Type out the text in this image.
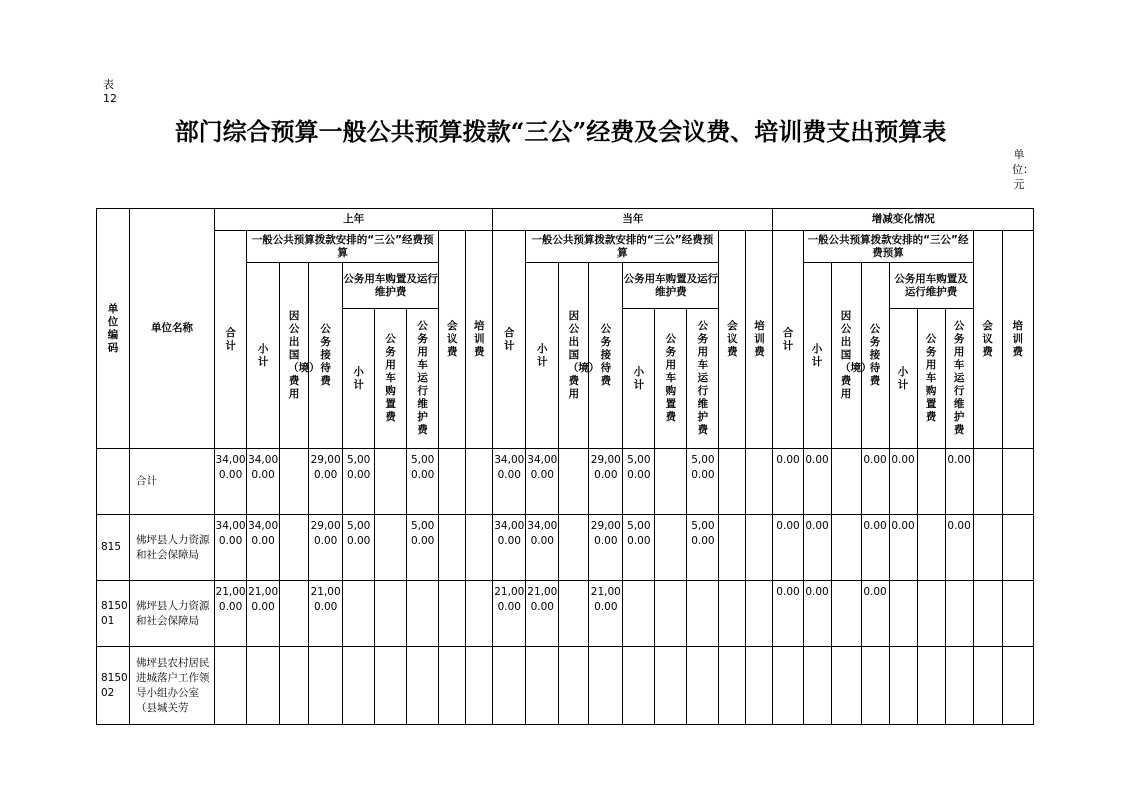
表12
部门综合预算一般公共预算拨款“三公”经费及会议费、培训费支出预算表
单位：元
单位编码	单位名称	上年									当年									增减变化情况								
		合计	一般公共预算拨款安排的“三公”经费预算						会议费	培训费	合计	一般公共预算拨款安排的“三公”经费预算						会议费	培训费	合计	一般公共预算拨款安排的“三公”经费预算						会议费	培训费
			小计	因公出国（境）费用	公务接待费	公务用车购置及运行维护费						小计	因公出国（境）费用	公务接待费	公务用车购置及运行维护费						小计	因公出国（境）费用	公务接待费	公务用车购置及运行维护费				
						小计	公务用车购置费	公务用车运行维护费							小计	公务用车购置费	公务用车运行维护费							小计	公务用车购置费	公务用车运行维护费		
	合计	34,000.00	34,000.00		29,000.00	5,000.00		5,000.00			34,000.00	34,000.00		29,000.00	5,000.00		5,000.00			0.00	0.00		0.00	0.00		0.00		
815	佛坪县人力资源和社会保障局	34,000.00	34,000.00		29,000.00	5,000.00		5,000.00			34,000.00	34,000.00		29,000.00	5,000.00		5,000.00			0.00	0.00		0.00	0.00		0.00		
815001	佛坪县人力资源和社会保障局	21,000.00	21,000.00		21,000.00						21,000.00	21,000.00		21,000.00						0.00	0.00		0.00					
815002	佛坪县农村居民进城落户工作领导小组办公室（县城关劳																											
